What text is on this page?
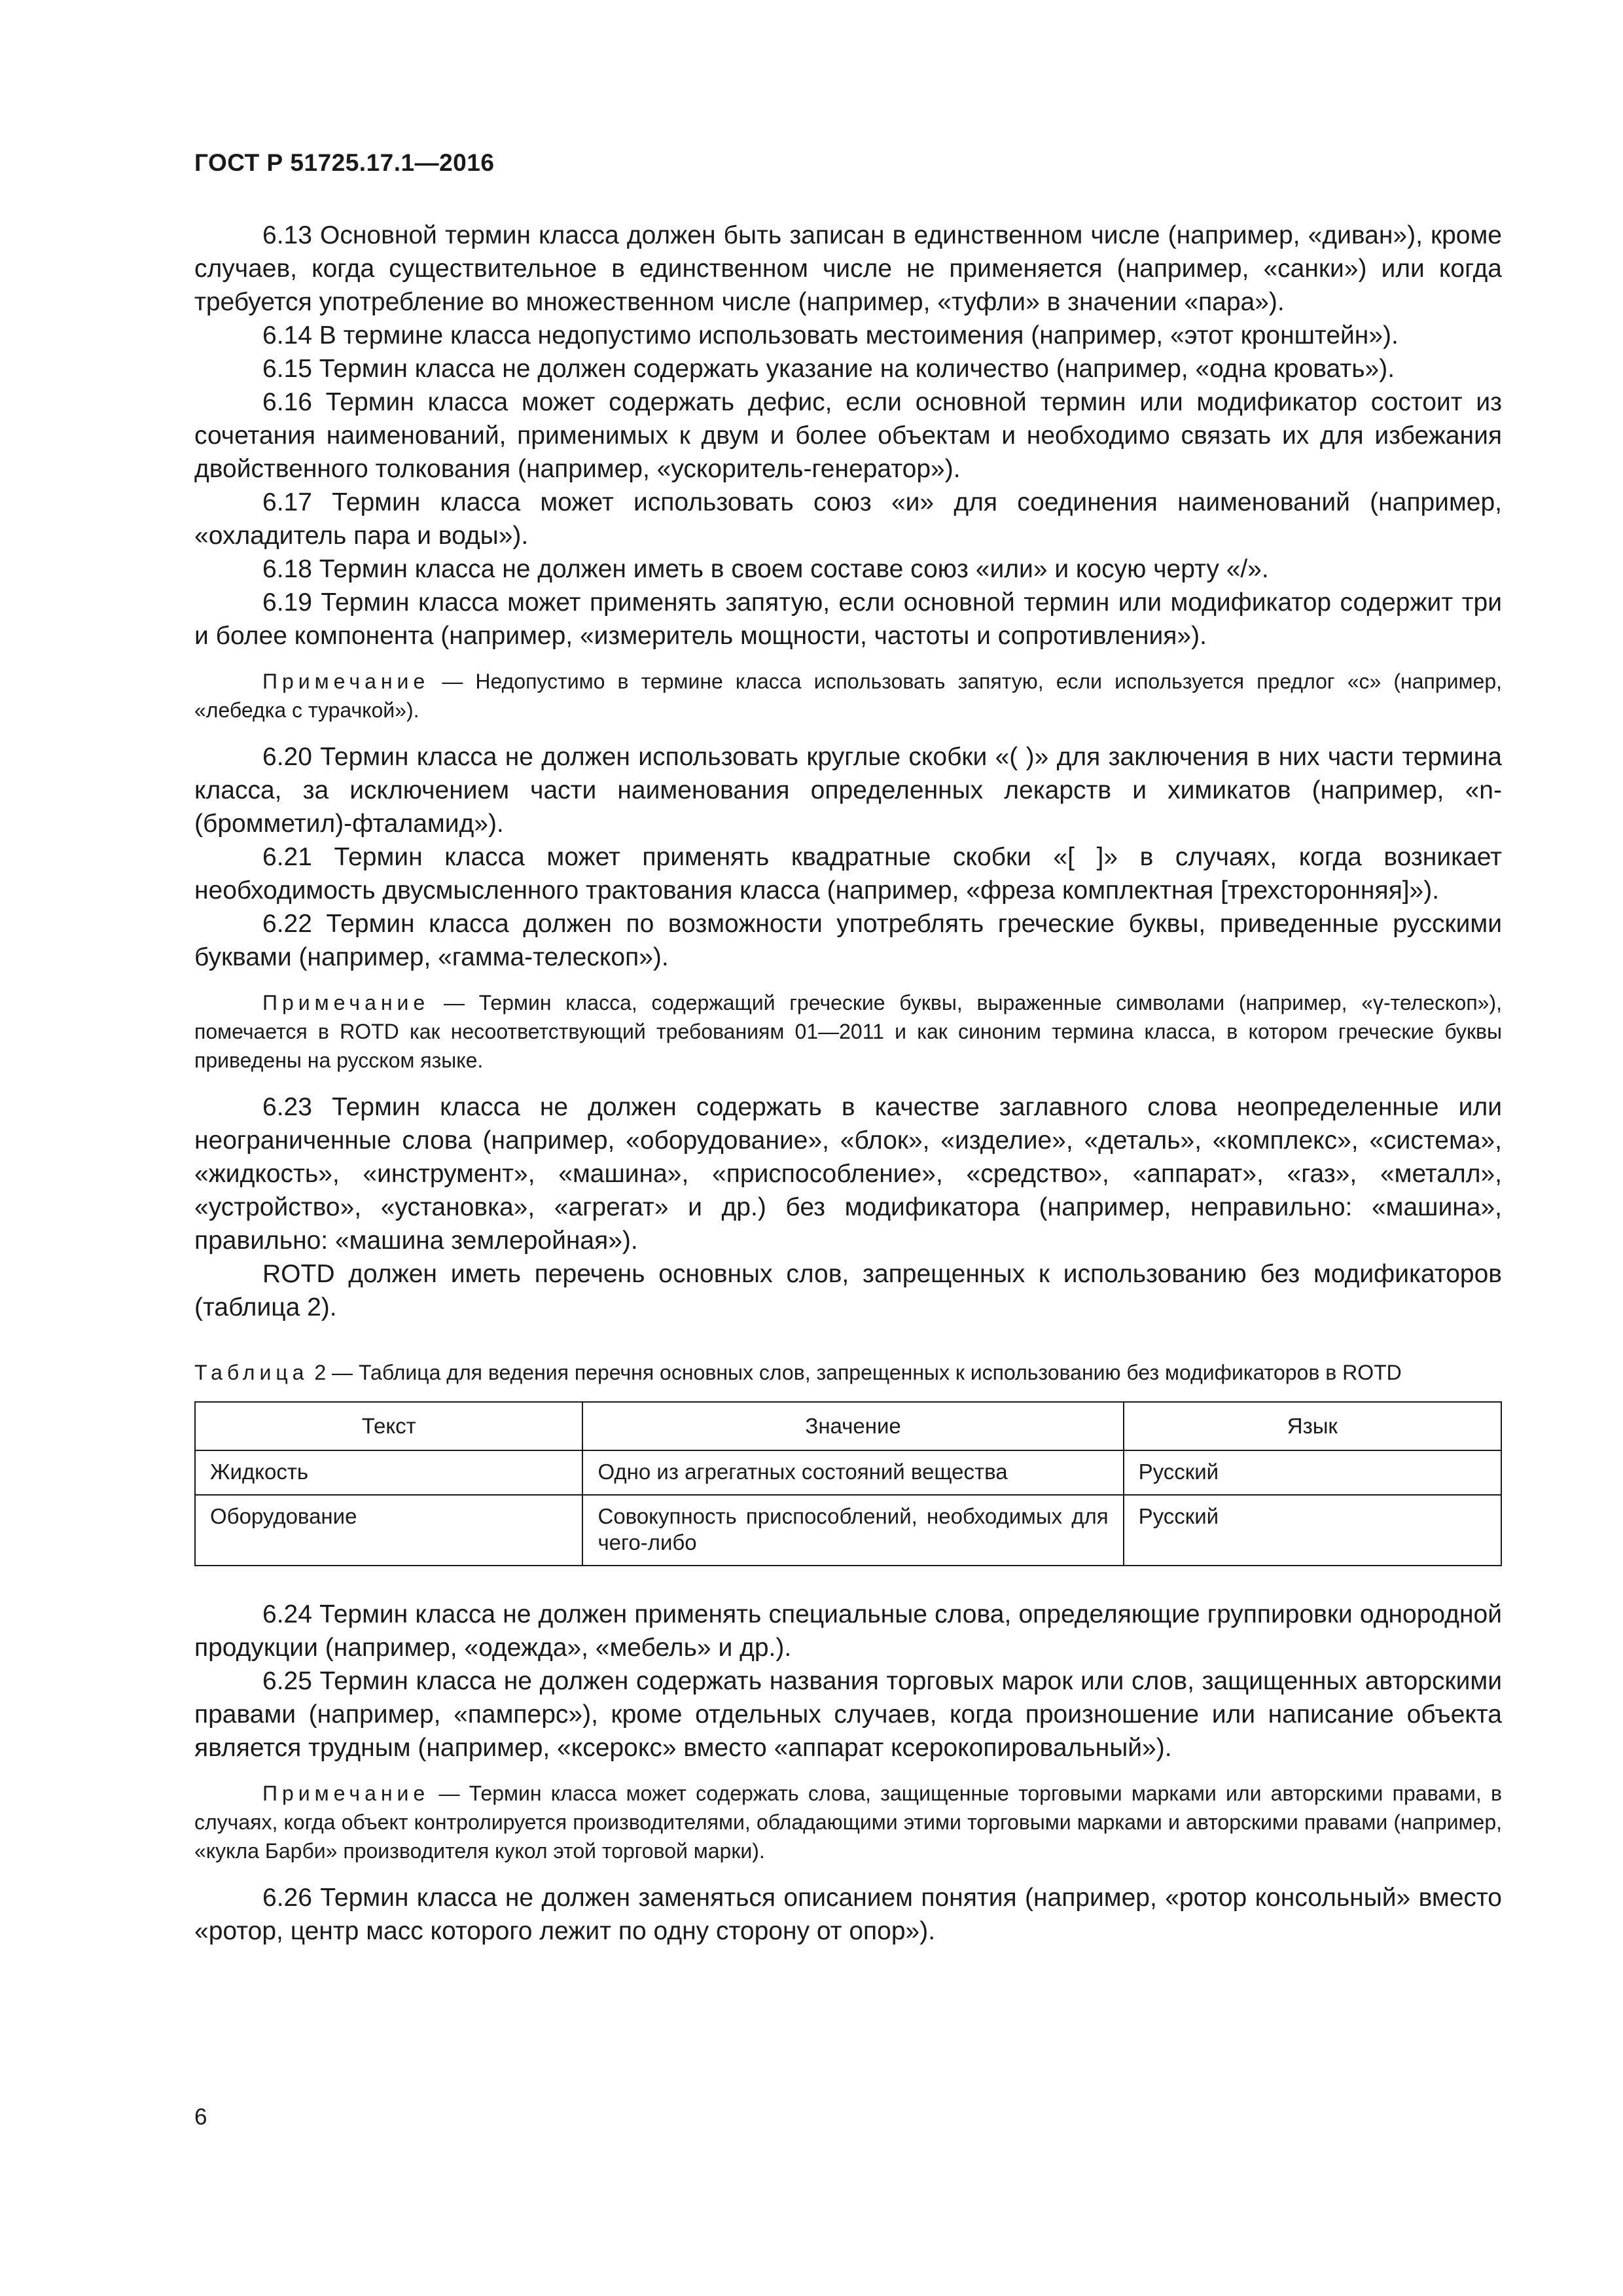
ГОСТ Р 51725.17.1—2016

6.13 Основной термин класса должен быть записан в единственном числе (например, «диван»), кроме случаев, когда существительное в единственном числе не применяется (например, «санки») или когда требуется употребление во множественном числе (например, «туфли» в значении «пара»).

6.14 В термине класса недопустимо использовать местоимения (например, «этот кронштейн»).

6.15 Термин класса не должен содержать указание на количество (например, «одна кровать»).

6.16 Термин класса может содержать дефис, если основной термин или модификатор состоит из сочетания наименований, применимых к двум и более объектам и необходимо связать их для избежания двойственного толкования (например, «ускоритель-генератор»).

6.17 Термин класса может использовать союз «и» для соединения наименований (например, «охладитель пара и воды»).

6.18 Термин класса не должен иметь в своем составе союз «или» и косую черту «/».

6.19 Термин класса может применять запятую, если основной термин или модификатор содержит три и более компонента (например, «измеритель мощности, частоты и сопротивления»).

Примечание — Недопустимо в термине класса использовать запятую, если используется предлог «с» (например, «лебедка с турачкой»).

6.20 Термин класса не должен использовать круглые скобки «( )» для заключения в них части термина класса, за исключением части наименования определенных лекарств и химикатов (например, «n-(бромметил)-фталамид»).

6.21 Термин класса может применять квадратные скобки «[ ]» в случаях, когда возникает необходимость двусмысленного трактования класса (например, «фреза комплектная [трехсторонняя]»).

6.22 Термин класса должен по возможности употреблять греческие буквы, приведенные русскими буквами (например, «гамма-телескоп»).

Примечание — Термин класса, содержащий греческие буквы, выраженные символами (например, «γ-телескоп»), помечается в ROTD как несоответствующий требованиям 01—2011 и как синоним термина класса, в котором греческие буквы приведены на русском языке.

6.23 Термин класса не должен содержать в качестве заглавного слова неопределенные или неограниченные слова (например, «оборудование», «блок», «изделие», «деталь», «комплекс», «система», «жидкость», «инструмент», «машина», «приспособление», «средство», «аппарат», «газ», «металл», «устройство», «установка», «агрегат» и др.) без модификатора (например, неправильно: «машина», правильно: «машина землеройная»).

ROTD должен иметь перечень основных слов, запрещенных к использованию без модификаторов (таблица 2).

Таблица 2 — Таблица для ведения перечня основных слов, запрещенных к использованию без модификаторов в ROTD

Текст	Значение	Язык
Жидкость	Одно из агрегатных состояний вещества	Русский
Оборудование	Совокупность приспособлений, необходимых для чего-либо	Русский

6.24 Термин класса не должен применять специальные слова, определяющие группировки однородной продукции (например, «одежда», «мебель» и др.).

6.25 Термин класса не должен содержать названия торговых марок или слов, защищенных авторскими правами (например, «памперс»), кроме отдельных случаев, когда произношение или написание объекта является трудным (например, «ксерокс» вместо «аппарат ксерокопировальный»).

Примечание — Термин класса может содержать слова, защищенные торговыми марками или авторскими правами, в случаях, когда объект контролируется производителями, обладающими этими торговыми марками и авторскими правами (например, «кукла Барби» производителя кукол этой торговой марки).

6.26 Термин класса не должен заменяться описанием понятия (например, «ротор консольный» вместо «ротор, центр масс которого лежит по одну сторону от опор»).

6
